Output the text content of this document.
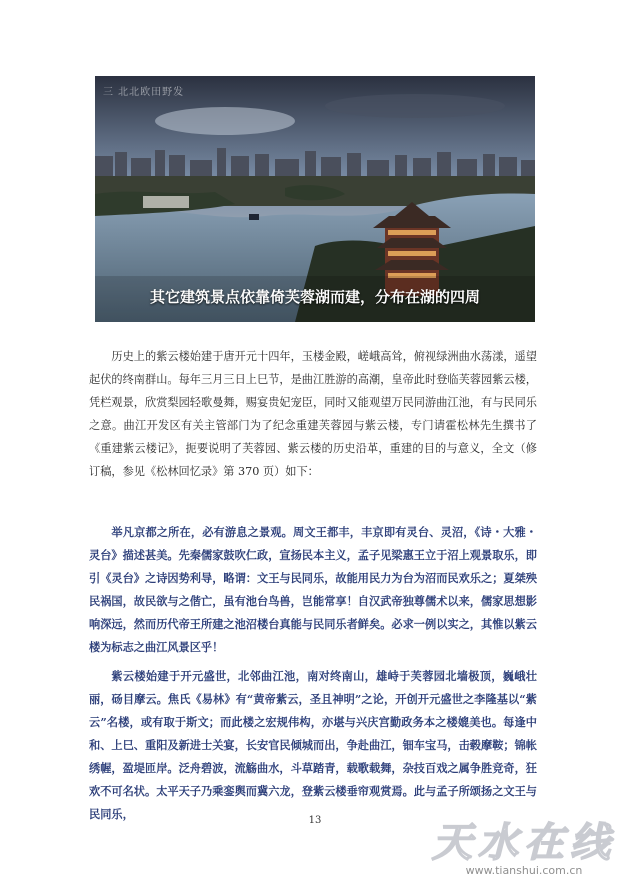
三 北北欧田野发
其它建筑景点依靠倚芙蓉湖而建，分布在湖的四周

历史上的紫云楼始建于唐开元十四年，玉楼金殿，嵯峨高耸，俯视绿洲曲水荡漾，遥望起伏的终南群山。每年三月三日上巳节，是曲江胜游的高潮，皇帝此时登临芙蓉园紫云楼，凭栏观景，欣赏梨园轻歌曼舞，赐宴贵妃宠臣，同时又能观望万民同游曲江池，有与民同乐之意。曲江开发区有关主管部门为了纪念重建芙蓉园与紫云楼，专门请霍松林先生撰书了《重建紫云楼记》，扼要说明了芙蓉园、紫云楼的历史沿革，重建的目的与意义，全文（修订稿，参见《松林回忆录》第 370 页）如下：

举凡京都之所在，必有游息之景观。周文王都丰，丰京即有灵台、灵沼，《诗・大雅・灵台》描述甚美。先秦儒家鼓吹仁政，宣扬民本主义，孟子见梁惠王立于沼上观景取乐，即引《灵台》之诗因势利导，略谓：文王与民同乐，故能用民力为台为沼而民欢乐之；夏桀殃民祸国，故民欲与之偕亡，虽有池台鸟兽，岂能常享！自汉武帝独尊儒术以来，儒家思想影响深远，然而历代帝王所建之池沼楼台真能与民同乐者鲜矣。必求一例以实之，其惟以紫云楼为标志之曲江风景区乎！

紫云楼始建于开元盛世，北邻曲江池，南对终南山，雄峙于芙蓉园北墙极顶，巍峨壮丽，砀目摩云。焦氏《易林》有“黄帝紫云，圣且神明”之论，开创开元盛世之李隆基以“紫云”名楼，或有取于斯文；而此楼之宏规伟构，亦堪与兴庆宫勤政务本之楼媲美也。每逢中和、上巳、重阳及新进士关宴，长安官民倾城而出，争赴曲江，钿车宝马，击毂摩鞍；锦帐绣幄，盈堤匝岸。泛舟碧波，流觞曲水，斗草踏青，载歌载舞，杂技百戏之属争胜竞奇，狂欢不可名状。太平天子乃乘銮舆而冀六龙，登紫云楼垂帘观赏焉。此与孟子所颂扬之文王与民同乐，	13	天水在线
www.tianshui.com.cn
